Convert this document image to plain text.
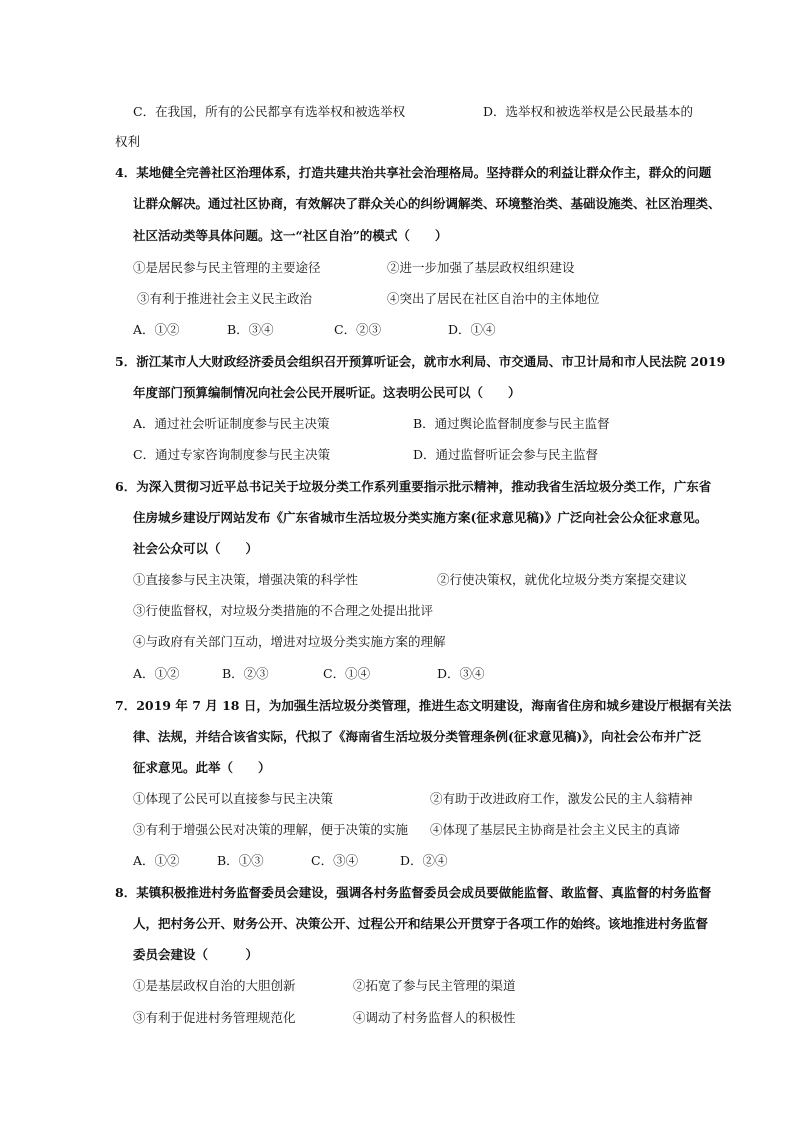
C．在我国，所有的公民都享有选举权和被选举权	D．选举权和被选举权是公民最基本的
权利
4．某地健全完善社区治理体系，打造共建共治共享社会治理格局。坚持群众的利益让群众作主，群众的问题
让群众解决。通过社区协商，有效解决了群众关心的纠纷调解类、环境整治类、基础设施类、社区治理类、
社区活动类等具体问题。这一“社区自治”的模式（　　）
①是居民参与民主管理的主要途径	②进一步加强了基层政权组织建设
③有利于推进社会主义民主政治	④突出了居民在社区自治中的主体地位
A．①②	B．③④	C．②③	D．①④
5．浙江某市人大财政经济委员会组织召开预算听证会，就市水利局、市交通局、市卫计局和市人民法院 2019
年度部门预算编制情况向社会公民开展听证。这表明公民可以（　　）
A．通过社会听证制度参与民主决策	B．通过舆论监督制度参与民主监督
C．通过专家咨询制度参与民主决策	D．通过监督听证会参与民主监督
6．为深入贯彻习近平总书记关于垃圾分类工作系列重要指示批示精神，推动我省生活垃圾分类工作，广东省
住房城乡建设厅网站发布《广东省城市生活垃圾分类实施方案(征求意见稿)》广泛向社会公众征求意见。
社会公众可以（　　）
①直接参与民主决策，增强决策的科学性	②行使决策权，就优化垃圾分类方案提交建议
③行使监督权，对垃圾分类措施的不合理之处提出批评
④与政府有关部门互动，增进对垃圾分类实施方案的理解
A．①②	B．②③	C．①④	D．③④
7．2019 年 7 月 18 日，为加强生活垃圾分类管理，推进生态文明建设，海南省住房和城乡建设厅根据有关法
律、法规，并结合该省实际，代拟了《海南省生活垃圾分类管理条例(征求意见稿)》，向社会公布并广泛
征求意见。此举（　　）
①体现了公民可以直接参与民主决策	②有助于改进政府工作，激发公民的主人翁精神
③有利于增强公民对决策的理解，便于决策的实施 ④体现了基层民主协商是社会主义民主的真谛
A．①②	B．①③	C．③④	D．②④
8．某镇积极推进村务监督委员会建设，强调各村务监督委员会成员要做能监督、敢监督、真监督的村务监督
人，把村务公开、财务公开、决策公开、过程公开和结果公开贯穿于各项工作的始终。该地推进村务监督
委员会建设（　　　）
①是基层政权自治的大胆创新	②拓宽了参与民主管理的渠道
③有利于促进村务管理规范化	④调动了村务监督人的积极性
